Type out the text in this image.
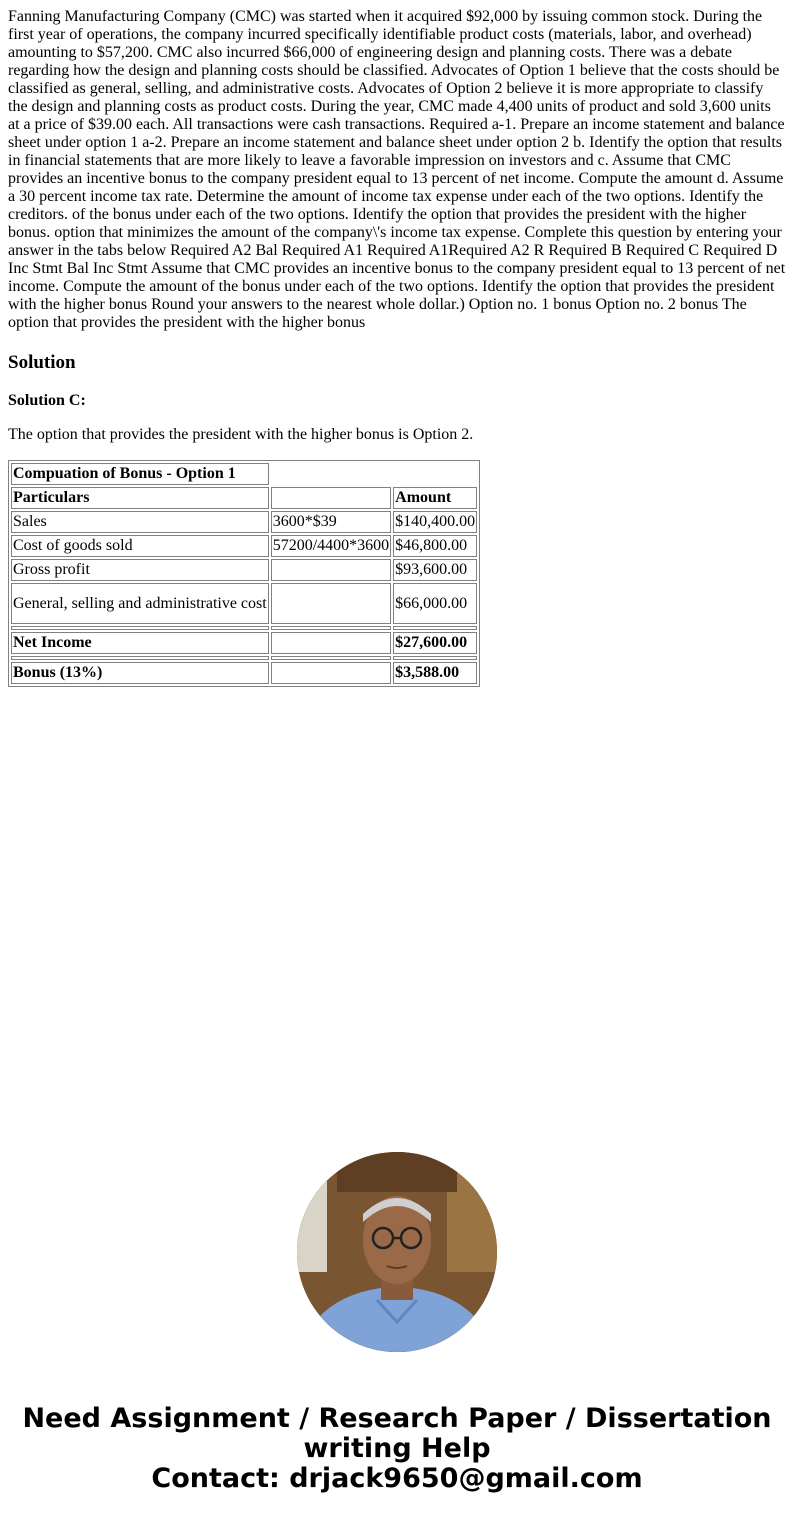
Fanning Manufacturing Company (CMC) was started when it acquired $92,000 by issuing common stock. During the first year of operations, the company incurred specifically identifiable product costs (materials, labor, and overhead) amounting to $57,200. CMC also incurred $66,000 of engineering design and planning costs. There was a debate regarding how the design and planning costs should be classified. Advocates of Option 1 believe that the costs should be classified as general, selling, and administrative costs. Advocates of Option 2 believe it is more appropriate to classify the design and planning costs as product costs. During the year, CMC made 4,400 units of product and sold 3,600 units at a price of $39.00 each. All transactions were cash transactions. Required a-1. Prepare an income statement and balance sheet under option 1 a-2. Prepare an income statement and balance sheet under option 2 b. Identify the option that results in financial statements that are more likely to leave a favorable impression on investors and c. Assume that CMC provides an incentive bonus to the company president equal to 13 percent of net income. Compute the amount d. Assume a 30 percent income tax rate. Determine the amount of income tax expense under each of the two options. Identify the creditors. of the bonus under each of the two options. Identify the option that provides the president with the higher bonus. option that minimizes the amount of the company\'s income tax expense. Complete this question by entering your answer in the tabs below Required A2 Bal Required A1 Required A1Required A2 R Required B Required C Required D Inc Stmt Bal Inc Stmt Assume that CMC provides an incentive bonus to the company president equal to 13 percent of net income. Compute the amount of the bonus under each of the two options. Identify the option that provides the president with the higher bonus Round your answers to the nearest whole dollar.) Option no. 1 bonus Option no. 2 bonus The option that provides the president with the higher bonus
Solution
Solution C:

The option that provides the president with the higher bonus is Option 2.

Compuation of Bonus - Option 1		
Particulars		Amount
Sales	3600*$39	$140,400.00
Cost of goods sold	57200/4400*3600	$46,800.00
Gross profit		$93,600.00
General, selling and administrative cost		$66,000.00

Net Income		$27,600.00

Bonus (13%)		$3,588.00
Need Assignment / Research Paper / Dissertation
writing Help
Contact: drjack9650@gmail.com
